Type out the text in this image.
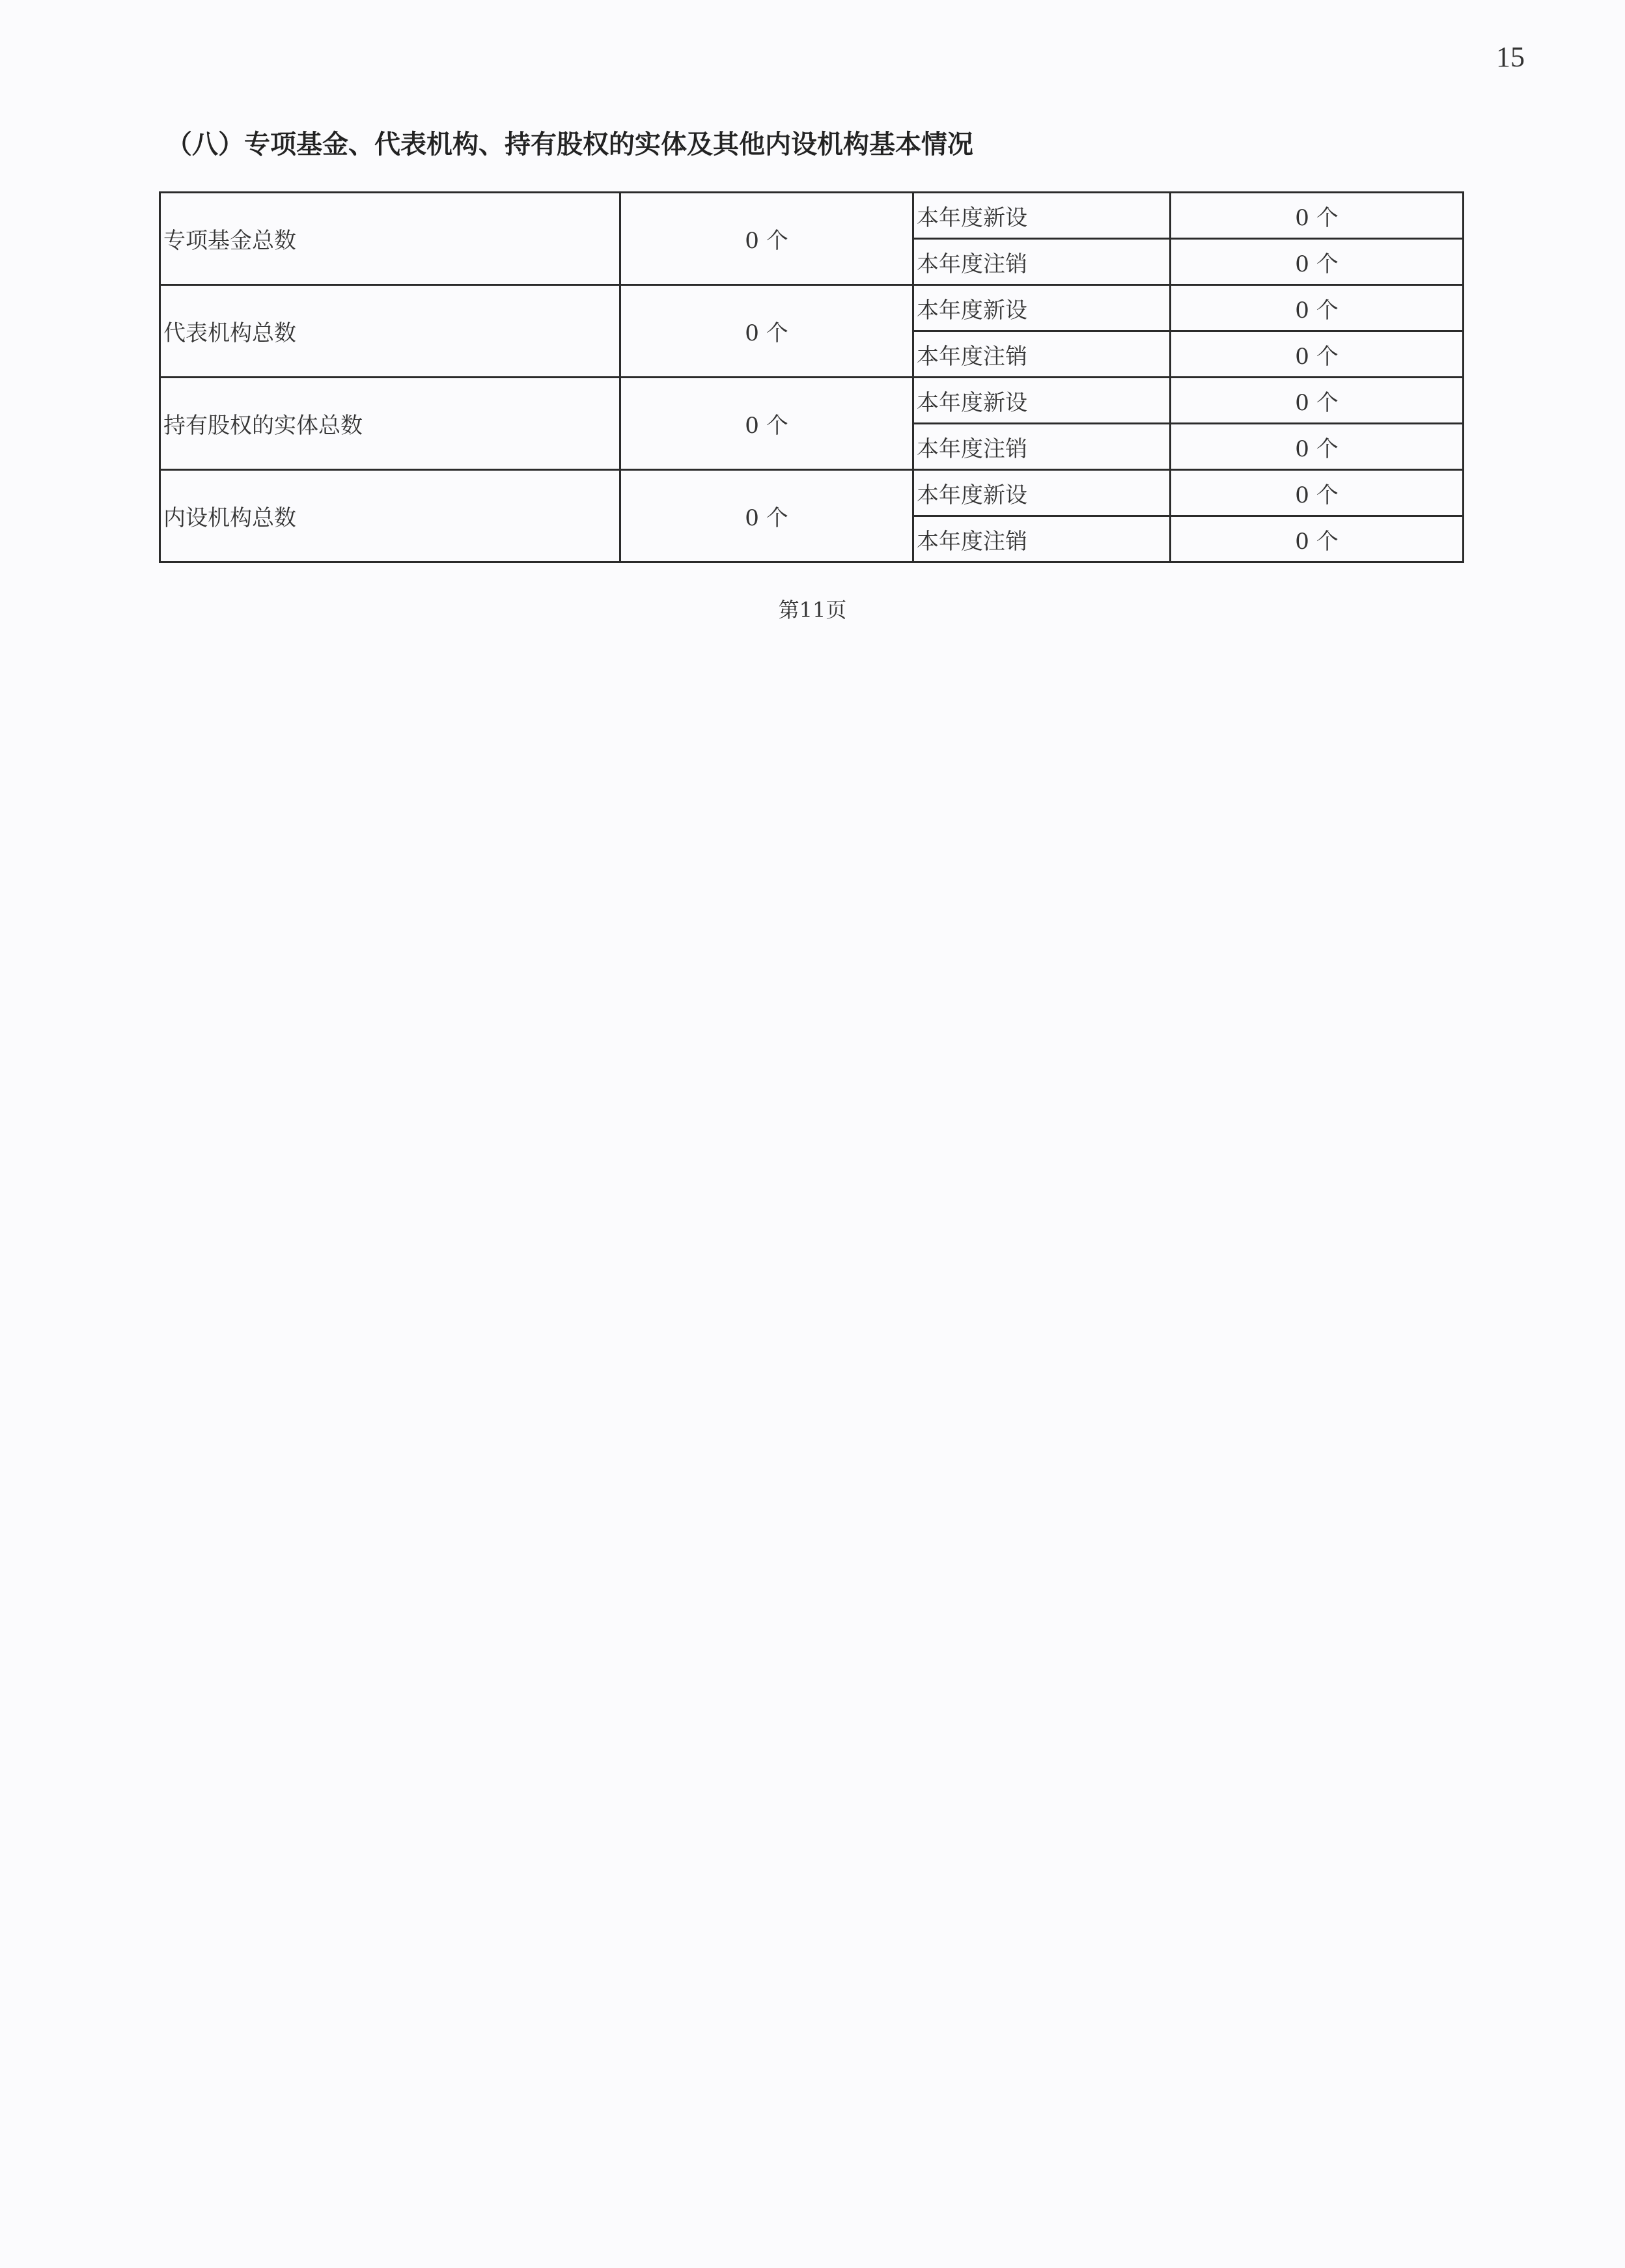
15
（八）专项基金、代表机构、持有股权的实体及其他内设机构基本情况
专项基金总数	0 个	本年度新设	0 个
		本年度注销	0 个
代表机构总数	0 个	本年度新设	0 个
		本年度注销	0 个
持有股权的实体总数	0 个	本年度新设	0 个
		本年度注销	0 个
内设机构总数	0 个	本年度新设	0 个
		本年度注销	0 个
第11页
